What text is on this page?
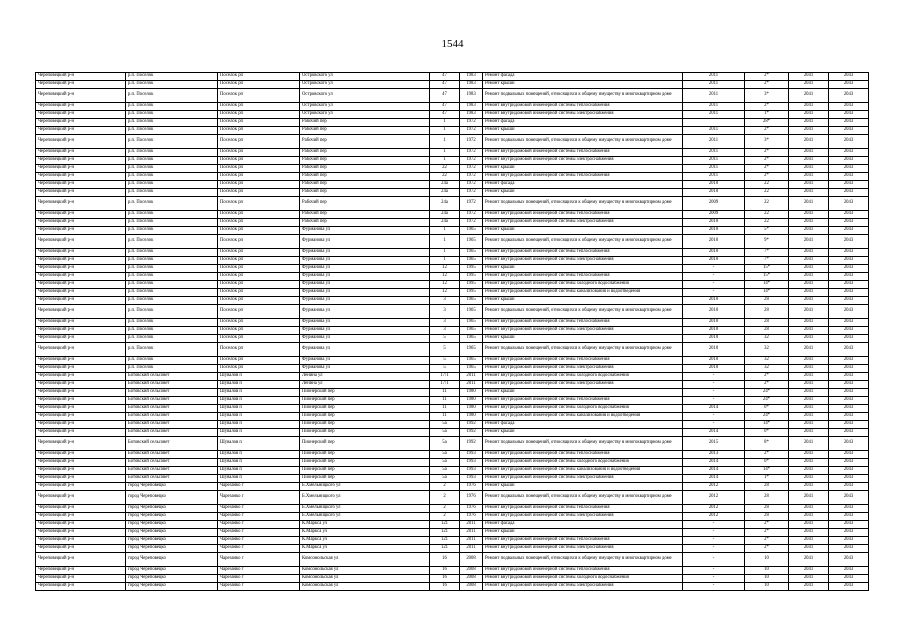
1544
Череповецкий р-н	р.п. Поселок	Поселок рп	Островского ул	47	1983	Ремонт фасада	2011	2*	2041	2043
Череповецкий р-н	р.п. Поселок	Поселок рп	Островского ул	47	1983	Ремонт крыши	2011	2*	2041	2043
Череповецкий р-н	р.п. Поселок	Поселок рп	Островского ул	47	1983	Ремонт подвальных помещений, относящихся к общему имуществу в многоквартирном доме	2011	3*	2041	2043
Череповецкий р-н	р.п. Поселок	Поселок рп	Островского ул	47	1983	Ремонт внутридомовой инженерной системы теплоснабжения	2011	2*	2041	2043
Череповецкий р-н	р.п. Поселок	Поселок рп	Островского ул	47	1983	Ремонт внутридомовой инженерной системы электроснабжения	2011	1*	2041	2043
Череповецкий р-н	р.п. Поселок	Поселок рп	Рабочий пер	1	1972	Ремонт фасада		28*	2041	2043
Череповецкий р-н	р.п. Поселок	Поселок рп	Рабочий пер	1	1972	Ремонт крыши	2011	2*	2041	2043
Череповецкий р-н	р.п. Поселок	Поселок рп	Рабочий пер	1	1972	Ремонт подвальных помещений, относящихся к общему имуществу в многоквартирном доме	2011	3*	2041	2043
Череповецкий р-н	р.п. Поселок	Поселок рп	Рабочий пер	1	1972	Ремонт внутридомовой инженерной системы теплоснабжения	2011	2*	2041	2043
Череповецкий р-н	р.п. Поселок	Поселок рп	Рабочий пер	1	1972	Ремонт внутридомовой инженерной системы электроснабжения	2011	2*	2041	2043
Череповецкий р-н	р.п. Поселок	Поселок рп	Рабочий пер	22	1972	Ремонт крыши	2011	2*	2041	2043
Череповецкий р-н	р.п. Поселок	Поселок рп	Рабочий пер	22	1972	Ремонт внутридомовой инженерной системы теплоснабжения	2011	2*	2041	2043
Череповецкий р-н	р.п. Поселок	Поселок рп	Рабочий пер	24а	1972	Ремонт фасада	2010	22	2041	2043
Череповецкий р-н	р.п. Поселок	Поселок рп	Рабочий пер	24а	1972	Ремонт крыши	2010	22	2041	2043
Череповецкий р-н	р.п. Поселок	Поселок рп	Рабочий пер	24а	1972	Ремонт подвальных помещений, относящихся к общему имуществу в многоквартирном доме	2009	22	2041	2043
Череповецкий р-н	р.п. Поселок	Поселок рп	Рабочий пер	24а	1972	Ремонт внутридомовой инженерной системы теплоснабжения	2009	22	2041	2043
Череповецкий р-н	р.п. Поселок	Поселок рп	Рабочий пер	24а	1972	Ремонт внутридомовой инженерной системы электроснабжения	2010	22	2041	2043
Череповецкий р-н	р.п. Поселок	Поселок рп	Фурманова ул	1	1965	Ремонт крыши	2010	5*	2041	2043
Череповецкий р-н	р.п. Поселок	Поселок рп	Фурманова ул	1	1965	Ремонт подвальных помещений, относящихся к общему имуществу в многоквартирном доме	2010	9*	2041	2043
Череповецкий р-н	р.п. Поселок	Поселок рп	Фурманова ул	1	1965	Ремонт внутридомовой инженерной системы теплоснабжения	2010	7*	2041	2043
Череповецкий р-н	р.п. Поселок	Поселок рп	Фурманова ул	1	1965	Ремонт внутридомовой инженерной системы электроснабжения	2010	7*	2041	2043
Череповецкий р-н	р.п. Поселок	Поселок рп	Фурманова ул	12	1995	Ремонт крыши	-	15*	2041	2043
Череповецкий р-н	р.п. Поселок	Поселок рп	Фурманова ул	12	1995	Ремонт внутридомовой инженерной системы теплоснабжения	-	15*	2041	2043
Череповецкий р-н	р.п. Поселок	Поселок рп	Фурманова ул	12	1995	Ремонт внутридомовой инженерной системы холодного водоснабжения	-	14*	2041	2043
Череповецкий р-н	р.п. Поселок	Поселок рп	Фурманова ул	12	1995	Ремонт внутридомовой инженерной системы канализования и водоотведения	-	14*	2041	2043
Череповецкий р-н	р.п. Поселок	Поселок рп	Фурманова ул	3	1965	Ремонт крыши	2010	28	2041	2043
Череповецкий р-н	р.п. Поселок	Поселок рп	Фурманова ул	3	1965	Ремонт подвальных помещений, относящихся к общему имуществу в многоквартирном доме	2010	28	2041	2043
Череповецкий р-н	р.п. Поселок	Поселок рп	Фурманова ул	3	1965	Ремонт внутридомовой инженерной системы теплоснабжения	2010	28	2041	2043
Череповецкий р-н	р.п. Поселок	Поселок рп	Фурманова ул	3	1965	Ремонт внутридомовой инженерной системы электроснабжения	2010	28	2041	2043
Череповецкий р-н	р.п. Поселок	Поселок рп	Фурманова ул	5	1965	Ремонт крыши	2010	32	2041	2043
Череповецкий р-н	р.п. Поселок	Поселок рп	Фурманова ул	5	1965	Ремонт подвальных помещений, относящихся к общему имуществу в многоквартирном доме	2010	32	2041	2043
Череповецкий р-н	р.п. Поселок	Поселок рп	Фурманова ул	5	1965	Ремонт внутридомовой инженерной системы теплоснабжения	2010	32	2041	2043
Череповецкий р-н	р.п. Поселок	Поселок рп	Фурманова ул	5	1965	Ремонт внутридомовой инженерной системы электроснабжения	2010	32	2041	2043
Череповецкий р-н	Ботовский сельсовет	Шувалов п	Ленина ул	17/1	2011	Ремонт внутридомовой инженерной системы холодного водоснабжения	-	2*	2041	2043
Череповецкий р-н	Ботовский сельсовет	Шувалов п	Ленина ул	17/1	2011	Ремонт внутридомовой инженерной системы электроснабжения	-	2*	2041	2043
Череповецкий р-н	Ботовский сельсовет	Шувалов п	Пионерский пер	11	1980	Ремонт крыши	-	24*	2041	2043
Череповецкий р-н	Ботовский сельсовет	Шувалов п	Пионерский пер	11	1980	Ремонт внутридомовой инженерной системы теплоснабжения	-	24*	2041	2043
Череповецкий р-н	Ботовский сельсовет	Шувалов п	Пионерский пер	11	1980	Ремонт внутридомовой инженерной системы холодного водоснабжения	2014	0*	2041	2043
Череповецкий р-н	Ботовский сельсовет	Шувалов п	Пионерский пер	11	1980	Ремонт внутридомовой инженерной системы канализования и водоотведения	-	24*	2041	2043
Череповецкий р-н	Ботовский сельсовет	Шувалов п	Пионерский пер	5а	1992	Ремонт фасада	-	14*	2041	2043
Череповецкий р-н	Ботовский сельсовет	Шувалов п	Пионерский пер	5а	1992	Ремонт крыши	2014	0*	2041	2043
Череповецкий р-н	Ботовский сельсовет	Шувалов п	Пионерский пер	5а	1992	Ремонт подвальных помещений, относящихся к общему имуществу в многоквартирном доме	2015	8*	2041	2043
Череповецкий р-н	Ботовский сельсовет	Шувалов п	Пионерский пер	5а	1993	Ремонт внутридомовой инженерной системы теплоснабжения	2013	2*	2041	2043
Череповецкий р-н	Ботовский сельсовет	Шувалов п	Пионерский пер	5а	1993	Ремонт внутридомовой инженерной системы холодного водоснабжения	2014	0*	2041	2043
Череповецкий р-н	Ботовский сельсовет	Шувалов п	Пионерский пер	5а	1993	Ремонт внутридомовой инженерной системы канализования и водоотведения	2014	14*	2041	2043
Череповецкий р-н	Ботовский сельсовет	Шувалов п	Пионерский пер	5а	1993	Ремонт внутридомовой инженерной системы электроснабжения	2014	1*	2041	2043
Череповецкий р-н	город Череповецко	Чарезанко г	Б.Хмельницкого ул	2	1976	Ремонт крыши	2012	28	2041	2043
Череповецкий р-н	город Череповецко	Чарезанко г	Б.Хмельницкого ул	2	1976	Ремонт подвальных помещений, относящихся к общему имуществу в многоквартирном доме	2012	28	2041	2043
Череповецкий р-н	город Череповецко	Чарезанко г	Б.Хмельницкого ул	2	1976	Ремонт внутридомовой инженерной системы теплоснабжения	2012	28	2041	2043
Череповецкий р-н	город Череповецко	Чарезанко г	Б.Хмельницкого ул	2	1976	Ремонт внутридомовой инженерной системы электроснабжения	2012	28	2041	2043
Череповецкий р-н	город Череповецко	Чарезанко г	К.Маркса ул	121	2011	Ремонт фасада	-	2*	2041	2043
Череповецкий р-н	город Череповецко	Чарезанко г	К.Маркса ул	121	2011	Ремонт крыши	-	2*	2041	2043
Череповецкий р-н	город Череповецко	Чарезанко г	К.Маркса ул	121	2011	Ремонт внутридомовой инженерной системы теплоснабжения	-	2*	2041	2043
Череповецкий р-н	город Череповецко	Чарезанко г	К.Маркса ул	121	2011	Ремонт внутридомовой инженерной системы электроснабжения	-	2*	2041	2043
Череповецкий р-н	город Череповецко	Чарезанко г	Комсомольская ул	16	2008	Ремонт подвальных помещений, относящихся к общему имуществу в многоквартирном доме	-	10	2041	2043
Череповецкий р-н	город Череповецко	Чарезанко г	Комсомольская ул	16	2008	Ремонт внутридомовой инженерной системы теплоснабжения	-	10	2041	2043
Череповецкий р-н	город Череповецко	Чарезанко г	Комсомольская ул	16	2008	Ремонт внутридомовой инженерной системы холодного водоснабжения	-	10	2041	2043
Череповецкий р-н	город Череповецко	Чарезанко г	Комсомольская ул	16	2008	Ремонт внутридомовой инженерной системы электроснабжения	-	10	2041	2043
